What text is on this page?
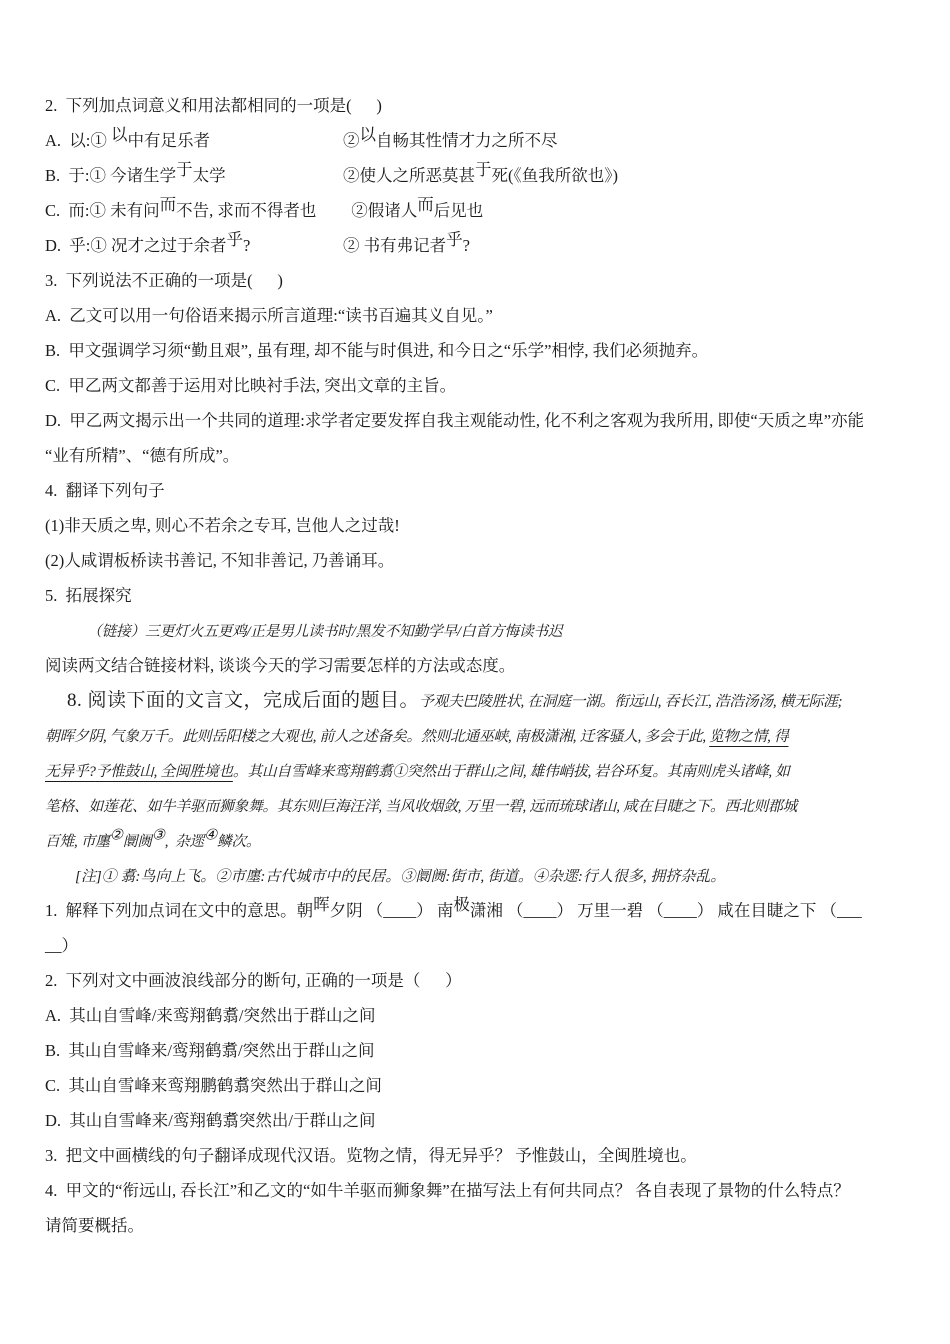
2.  下列加点词意义和用法都相同的一项是(      )
A.  以:① 以中有足乐者	②以自畅其性情才力之所不尽
B.  于:① 今诸生学于太学	②使人之所恶莫甚于死(《鱼我所欲也》)
C.  而:① 未有问而不告, 求而不得者也  ②假诸人而后见也
D.  乎:① 况才之过于余者乎?	② 书有弗记者乎?
3.  下列说法不正确的一项是(      )
A.  乙文可以用一句俗语来揭示所言道理:“读书百遍其义自见。”
B.  甲文强调学习须“勤且艰”, 虽有理, 却不能与时俱进, 和今日之“乐学”相悖, 我们必须抛弃。
C.  甲乙两文都善于运用对比映衬手法, 突出文章的主旨。
D.  甲乙两文揭示出一个共同的道理:求学者定要发挥自我主观能动性, 化不利之客观为我所用, 即使“天质之卑”亦能
“业有所精”、“德有所成”。
4.  翻译下列句子
(1)非天质之卑, 则心不若余之专耳, 岂他人之过哉!
(2)人咸谓板桥读书善记, 不知非善记, 乃善诵耳。
5.  拓展探究
（链接）三更灯火五更鸡/正是男儿读书时/黑发不知勤学早/白首方悔读书迟
阅读两文结合链接材料, 谈谈今天的学习需要怎样的方法或态度。
8. 阅读下面的文言文，完成后面的题目。予观夫巴陵胜状, 在洞庭一湖。衔远山, 吞长江, 浩浩汤汤, 横无际涯;
朝晖夕阴, 气象万千。此则岳阳楼之大观也, 前人之述备矣。然则北通巫峡, 南极潇湘, 迁客骚人, 多会于此, 览物之情, 得
无异乎?予惟鼓山, 全闽胜境也。其山自雪峰来鸾翔鹤翥①突然出于群山之间, 雄伟峭拔, 岩谷环复。其南则虎头诸峰, 如
笔格、如莲花、如牛羊驱而狮象舞。其东则巨海汪洋, 当风收烟敛, 万里一碧, 远而琉球诸山, 咸在目睫之下。西北则郡城
百雉, 市廛②阛阓③,  杂遝④鳞次。
[注]① 翥:鸟向上飞。②市廛:古代城市中的民居。③阛阓:街市, 街道。④杂遝:行人很多, 拥挤杂乱。
1.  解释下列加点词在文中的意思。朝晖夕阴 （____） 南极潇湘 （____） 万里一碧 （____） 咸在目睫之下 （___
__）
2.  下列对文中画波浪线部分的断句, 正确的一项是（      ）
A.  其山自雪峰/来鸾翔鹤翥/突然出于群山之间
B.  其山自雪峰来/鸾翔鹤翥/突然出于群山之间
C.  其山自雪峰来鸾翔鹏鹤翥突然出于群山之间
D.  其山自雪峰来/鸾翔鹤翥突然出/于群山之间
3.  把文中画横线的句子翻译成现代汉语。览物之情，得无异乎？ 予惟鼓山，全闽胜境也。
4.  甲文的“衔远山, 吞长江”和乙文的“如牛羊驱而狮象舞”在描写法上有何共同点？ 各自表现了景物的什么特点？
请简要概括。
